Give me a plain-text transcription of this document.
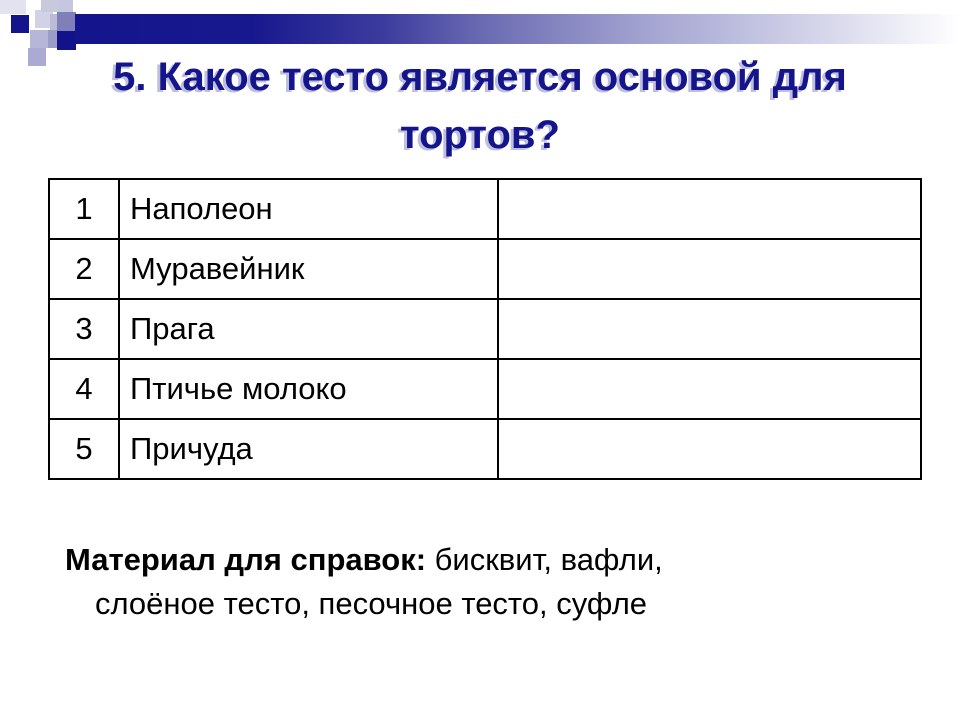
5. Какое тесто является основой для
тортов?
1	Наполеон	
2	Муравейник	
3	Прага	
4	Птичье молоко	
5	Причуда	

Материал для справок: бисквит, вафли,
слоёное тесто, песочное тесто, суфле
